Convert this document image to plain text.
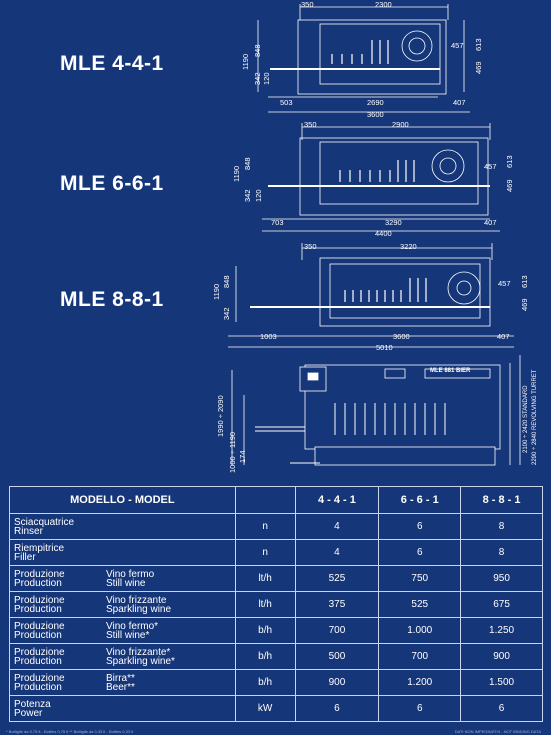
MLE 4-4-1
MLE 6-6-1
MLE 8-8-1
350	2300
1190
848
342 120
457 613
469
503	2690	407
3600
350	2900
1190
848
342 120
457 613
469
703	3290	407
4400
350	3220
1190
848
342
457 613
469
1003	3600	407
5010
MLE 881 BIER
1990 ÷ 2090
1000 ÷ 1190 174
2100 ÷ 2420 STANDARD 2290 ÷ 2840 REVOLVING TURRET
MODELLO - MODEL		4 - 4 - 1	6 - 6 - 1	8 - 8 - 1

Sciacquatrice
Rinser	n	4	6	8

Riempitrice
Filler	n	4	6	8

Produzione
Production
Vino fermo
Still wine	lt/h	525	750	950

Produzione
Production
Vino frizzante
Sparkling wine	lt/h	375	525	675

Produzione
Production
Vino fermo*
Still wine*	b/h	700	1.000	1.250

Produzione
Production
Vino frizzante*
Sparkling wine*	b/h	500	700	900

Produzione
Production
Birra**
Beer**	b/h	900	1.200	1.500

Potenza
Power	kW	6	6	6
* Bottiglie da 0,75 lt - Bottles 0,75 lt ** Bottiglie da 0,33 lt - Bottles 0,33 lt	DATI NON IMPEGNATIVI - NOT BINDING DATA
